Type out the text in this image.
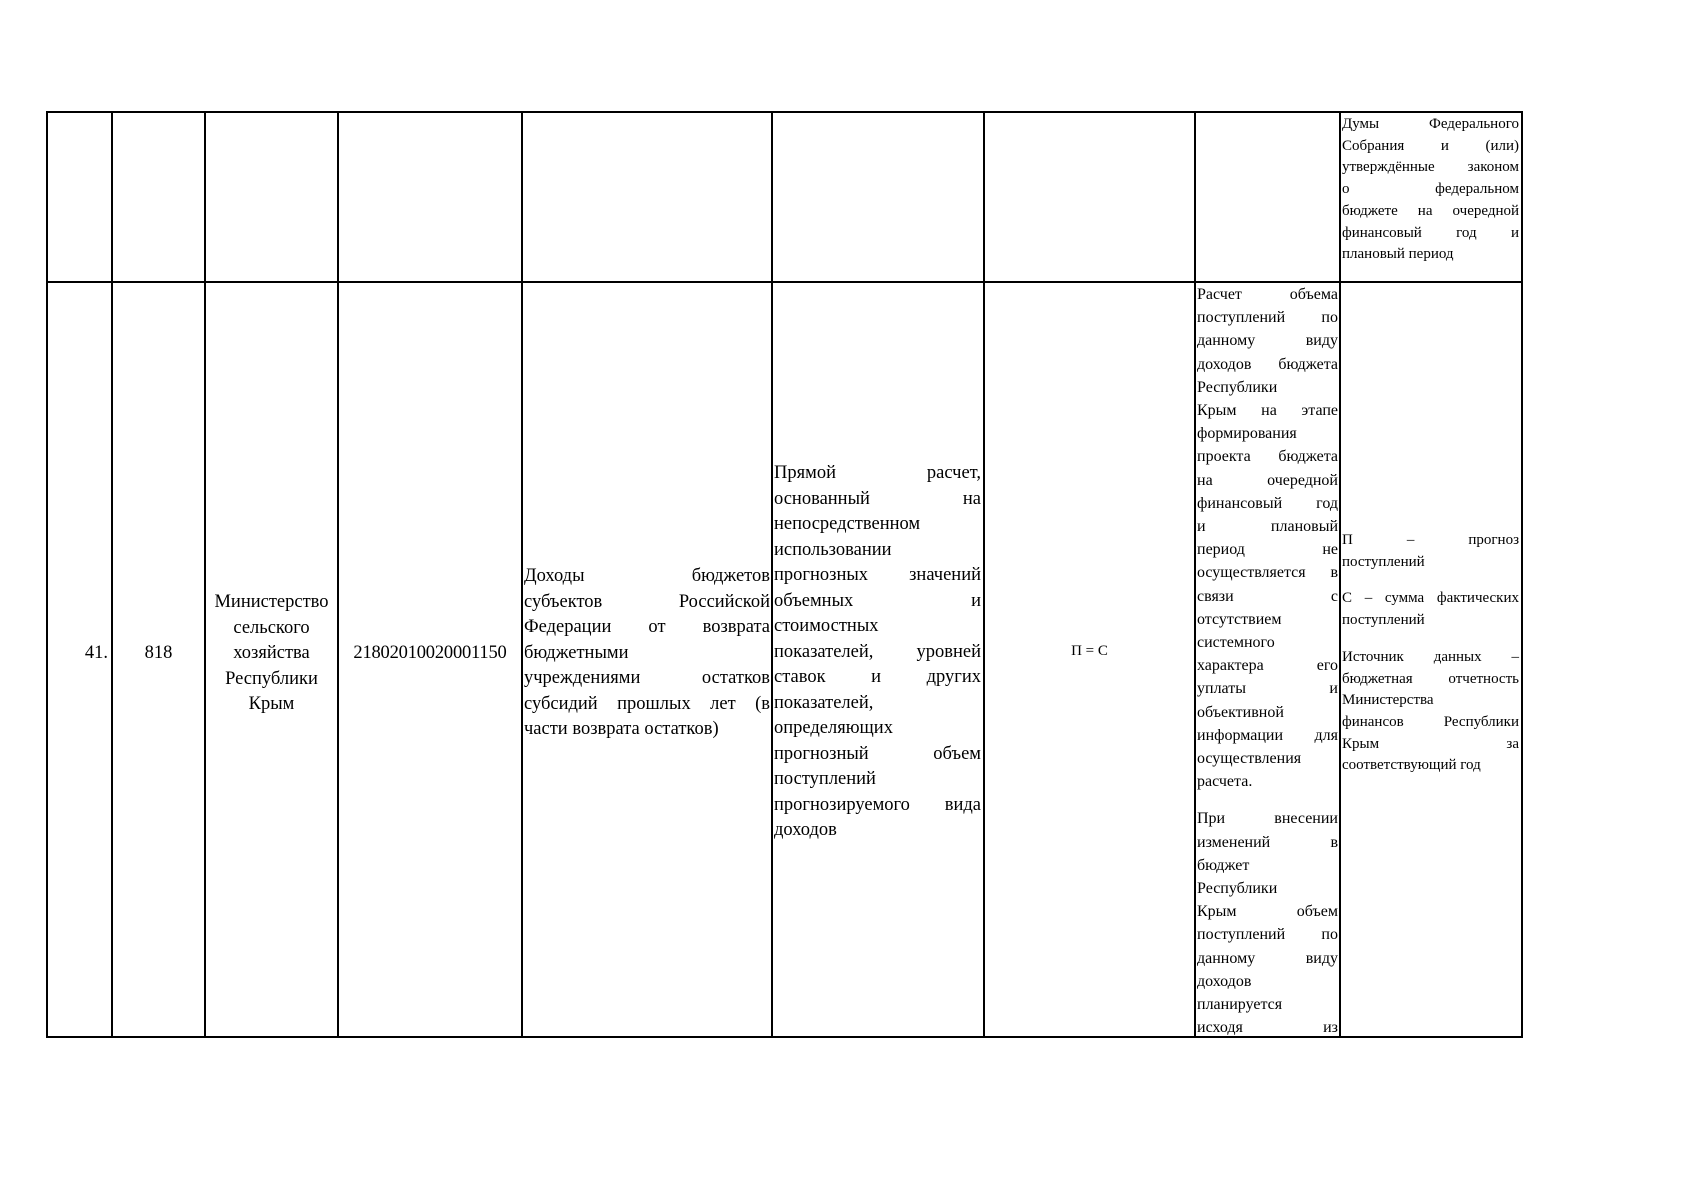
Думы Федерального
Собрания и (или)
утверждённые законом
о федеральном
бюджете на очередной
финансовый год и
плановый период
41.	818
Министерство
сельского
хозяйства
Республики
Крым
21802010020001150
Доходы бюджетов
субъектов Российской
Федерации от возврата
бюджетными
учреждениями остатков
субсидий прошлых лет (в
части возврата остатков)
Прямой расчет,
основанный на
непосредственном
использовании
прогнозных значений
объемных и
стоимостных
показателей, уровней
ставок и других
показателей,
определяющих
прогнозный объем
поступлений
прогнозируемого вида
доходов
П = С

Расчет объема
поступлений по
данному виду
доходов бюджета
Республики
Крым на этапе
формирования
проекта бюджета
на очередной
финансовый год
и плановый
период не
осуществляется в
связи с
отсутствием
системного
характера его
уплаты и
объективной
информации для
осуществления
расчета.

При внесении
изменений в
бюджет
Республики
Крым объем
поступлений по
данному виду
доходов
планируется
исходя из

П – прогноз
поступлений

С – сумма фактических
поступлений

Источник данных –
бюджетная отчетность
Министерства
финансов Республики
Крым за
соответствующий год
